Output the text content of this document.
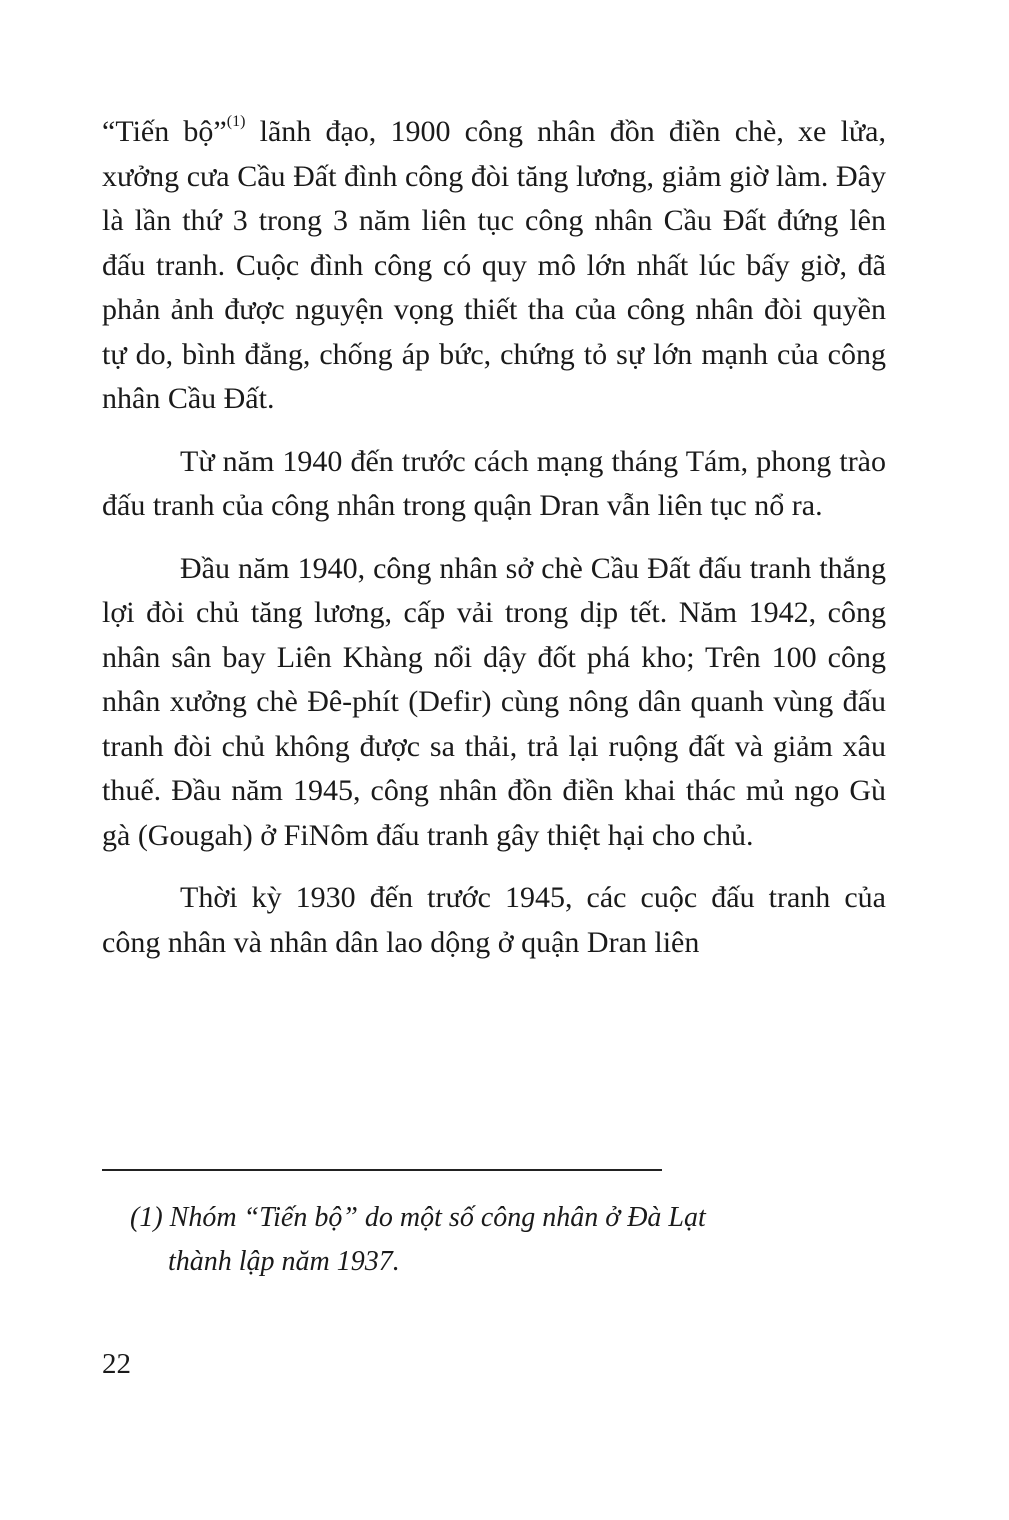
“Tiến bộ”$^{(1)}$ lãnh đạo, 1900 công nhân đồn điền chè, xe lửa, xưởng cưa Cầu Đất đình công đòi tăng lương, giảm giờ làm. Đây là lần thứ 3 trong 3 năm liên tục công nhân Cầu Đất đứng lên đấu tranh. Cuộc đình công có quy mô lớn nhất lúc bấy giờ, đã phản ảnh được nguyện vọng thiết tha của công nhân đòi quyền tự do, bình đẳng, chống áp bức, chứng tỏ sự lớn mạnh của công nhân Cầu Đất.

Từ năm 1940 đến trước cách mạng tháng Tám, phong trào đấu tranh của công nhân trong quận Dran vẫn liên tục nổ ra.

Đầu năm 1940, công nhân sở chè Cầu Đất đấu tranh thắng lợi đòi chủ tăng lương, cấp vải trong dịp tết. Năm 1942, công nhân sân bay Liên Khàng nổi dậy đốt phá kho; Trên 100 công nhân xưởng chè Đê-phít (Defir) cùng nông dân quanh vùng đấu tranh đòi chủ không được sa thải, trả lại ruộng đất và giảm xâu thuế. Đầu năm 1945, công nhân đồn điền khai thác mủ ngo Gù gà (Gougah) ở FiNôm đấu tranh gây thiệt hại cho chủ.

Thời kỳ 1930 đến trước 1945, các cuộc đấu tranh của công nhân và nhân dân lao dộng ở quận Dran liên

(1) Nhóm “Tiến bộ” do một số công nhân ở Đà Lạt
thành lập năm 1937.

22
